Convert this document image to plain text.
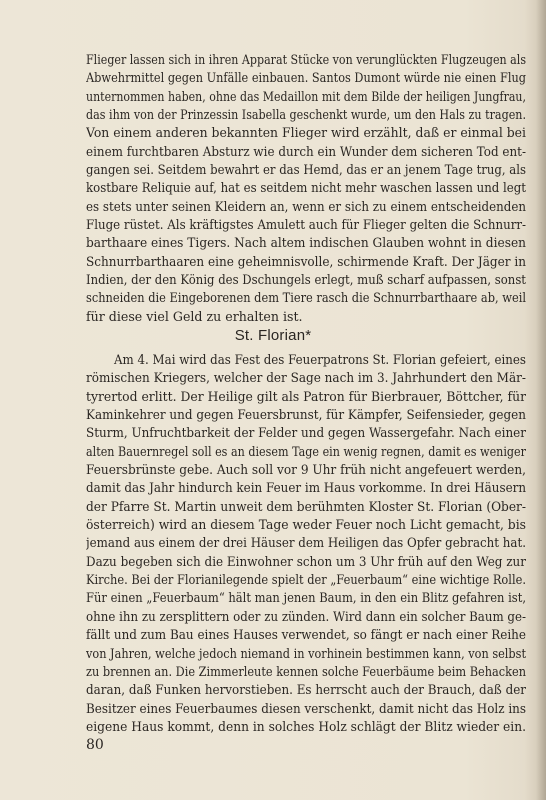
Flieger lassen sich in ihren Apparat Stücke von verunglückten Flugzeugen als
Abwehrmittel gegen Unfälle einbauen. Santos Dumont würde nie einen Flug
unternommen haben, ohne das Medaillon mit dem Bilde der heiligen Jungfrau,
das ihm von der Prinzessin Isabella geschenkt wurde, um den Hals zu tragen.
Von einem anderen bekannten Flieger wird erzählt, daß er einmal bei
einem furchtbaren Absturz wie durch ein Wunder dem sicheren Tod ent-
gangen sei. Seitdem bewahrt er das Hemd, das er an jenem Tage trug, als
kostbare Reliquie auf, hat es seitdem nicht mehr waschen lassen und legt
es stets unter seinen Kleidern an, wenn er sich zu einem entscheidenden
Fluge rüstet. Als kräftigstes Amulett auch für Flieger gelten die Schnurr-
barthaare eines Tigers. Nach altem indischen Glauben wohnt in diesen
Schnurrbarthaaren eine geheimnisvolle, schirmende Kraft. Der Jäger in
Indien, der den König des Dschungels erlegt, muß scharf aufpassen, sonst
schneiden die Eingeborenen dem Tiere rasch die Schnurrbarthaare ab, weil
für diese viel Geld zu erhalten ist.
St. Florian*
Am 4. Mai wird das Fest des Feuerpatrons St. Florian gefeiert, eines
römischen Kriegers, welcher der Sage nach im 3. Jahrhundert den Mär-
tyrertod erlitt. Der Heilige gilt als Patron für Bierbrauer, Böttcher, für
Kaminkehrer und gegen Feuersbrunst, für Kämpfer, Seifensieder, gegen
Sturm, Unfruchtbarkeit der Felder und gegen Wassergefahr. Nach einer
alten Bauernregel soll es an diesem Tage ein wenig regnen, damit es weniger
Feuersbrünste gebe. Auch soll vor 9 Uhr früh nicht angefeuert werden,
damit das Jahr hindurch kein Feuer im Haus vorkomme. In drei Häusern
der Pfarre St. Martin unweit dem berühmten Kloster St. Florian (Ober-
österreich) wird an diesem Tage weder Feuer noch Licht gemacht, bis
jemand aus einem der drei Häuser dem Heiligen das Opfer gebracht hat.
Dazu begeben sich die Einwohner schon um 3 Uhr früh auf den Weg zur
Kirche. Bei der Florianilegende spielt der „Feuerbaum“ eine wichtige Rolle.
Für einen „Feuerbaum“ hält man jenen Baum, in den ein Blitz gefahren ist,
ohne ihn zu zersplittern oder zu zünden. Wird dann ein solcher Baum ge-
fällt und zum Bau eines Hauses verwendet, so fängt er nach einer Reihe
von Jahren, welche jedoch niemand in vorhinein bestimmen kann, von selbst
zu brennen an. Die Zimmerleute kennen solche Feuerbäume beim Behacken
daran, daß Funken hervorstieben. Es herrscht auch der Brauch, daß der
Besitzer eines Feuerbaumes diesen verschenkt, damit nicht das Holz ins
eigene Haus kommt, denn in solches Holz schlägt der Blitz wieder ein.
80
